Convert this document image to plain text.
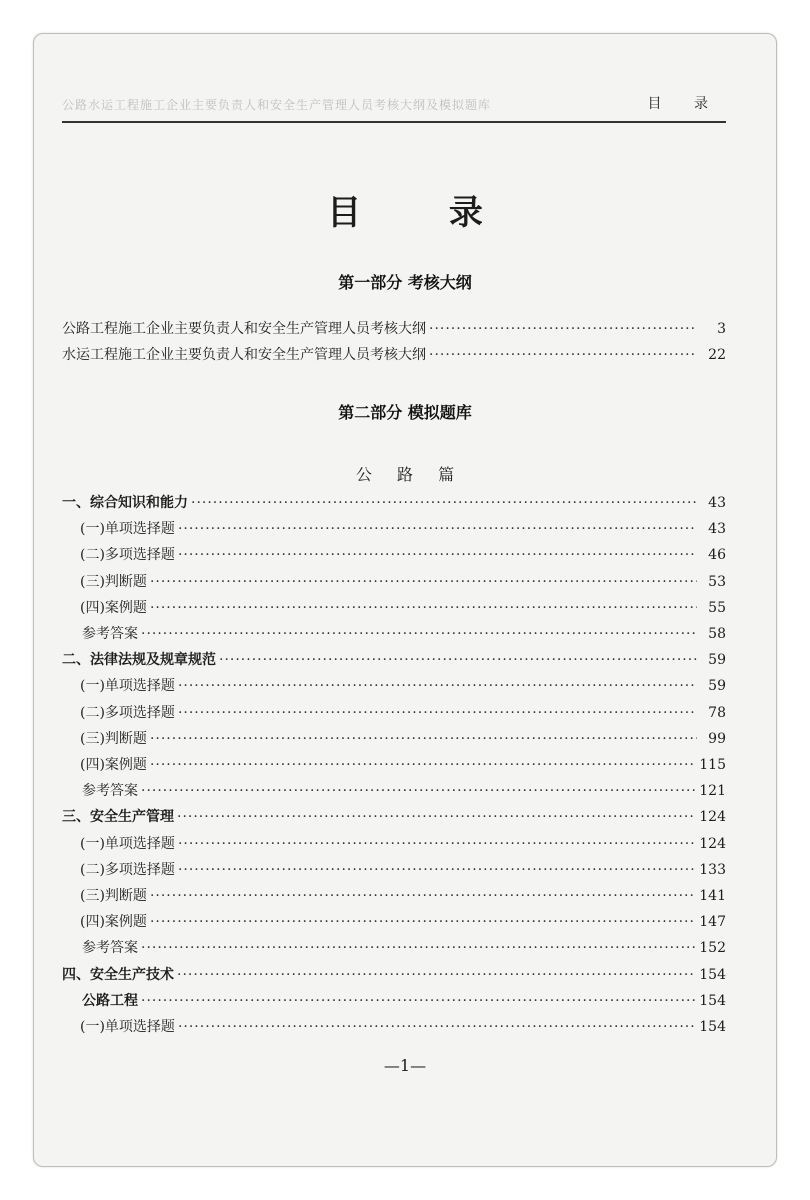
公路水运工程施工企业主要负责人和安全生产管理人员考核大纲及模拟题库	目 录
目 录
第一部分 考核大纲
公路工程施工企业主要负责人和安全生产管理人员考核大纲 ·····	3
水运工程施工企业主要负责人和安全生产管理人员考核大纲 ·····	22
第二部分 模拟题库
公 路 篇
一、综合知识和能力 ·····	43
(一)单项选择题 ·····	43
(二)多项选择题 ·····	46
(三)判断题 ·····	53
(四)案例题 ·····	55
参考答案 ·····	58
二、法律法规及规章规范 ·····	59
(一)单项选择题 ·····	59
(二)多项选择题 ·····	78
(三)判断题 ·····	99
(四)案例题 ·····	115
参考答案 ·····	121
三、安全生产管理 ·····	124
(一)单项选择题 ·····	124
(二)多项选择题 ·····	133
(三)判断题 ·····	141
(四)案例题 ·····	147
参考答案 ·····	152
四、安全生产技术 ·····	154
公路工程 ·····	154
(一)单项选择题 ·····	154
—1—
